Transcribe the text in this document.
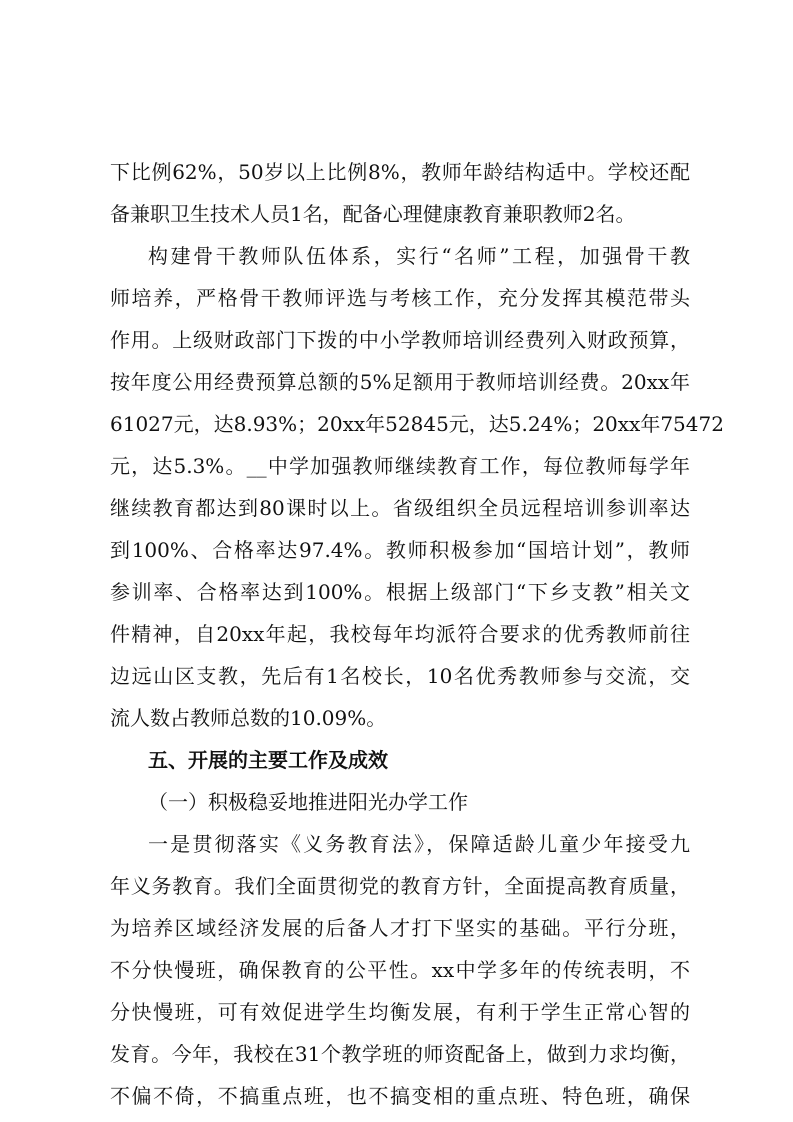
下比例62%，50岁以上比例8%，教师年龄结构适中。学校还配
备兼职卫生技术人员1名，配备心理健康教育兼职教师2名。
构建骨干教师队伍体系，实行“名师”工程，加强骨干教
师培养，严格骨干教师评选与考核工作，充分发挥其模范带头
作用。上级财政部门下拨的中小学教师培训经费列入财政预算，
按年度公用经费预算总额的5%足额用于教师培训经费。20xx年
61027元，达8.93%；20xx年52845元，达5.24%；20xx年75472
元，达5.3%。__中学加强教师继续教育工作，每位教师每学年
继续教育都达到80课时以上。省级组织全员远程培训参训率达
到100%、合格率达97.4%。教师积极参加“国培计划”，教师
参训率、合格率达到100%。根据上级部门“下乡支教”相关文
件精神，自20xx年起，我校每年均派符合要求的优秀教师前往
边远山区支教，先后有1名校长，10名优秀教师参与交流，交
流人数占教师总数的10.09%。
五、开展的主要工作及成效
（一）积极稳妥地推进阳光办学工作
一是贯彻落实《义务教育法》，保障适龄儿童少年接受九
年义务教育。我们全面贯彻党的教育方针，全面提高教育质量，
为培养区域经济发展的后备人才打下坚实的基础。平行分班，
不分快慢班，确保教育的公平性。xx中学多年的传统表明，不
分快慢班，可有效促进学生均衡发展，有利于学生正常心智的
发育。今年，我校在31个教学班的师资配备上，做到力求均衡，
不偏不倚，不搞重点班，也不搞变相的重点班、特色班，确保
